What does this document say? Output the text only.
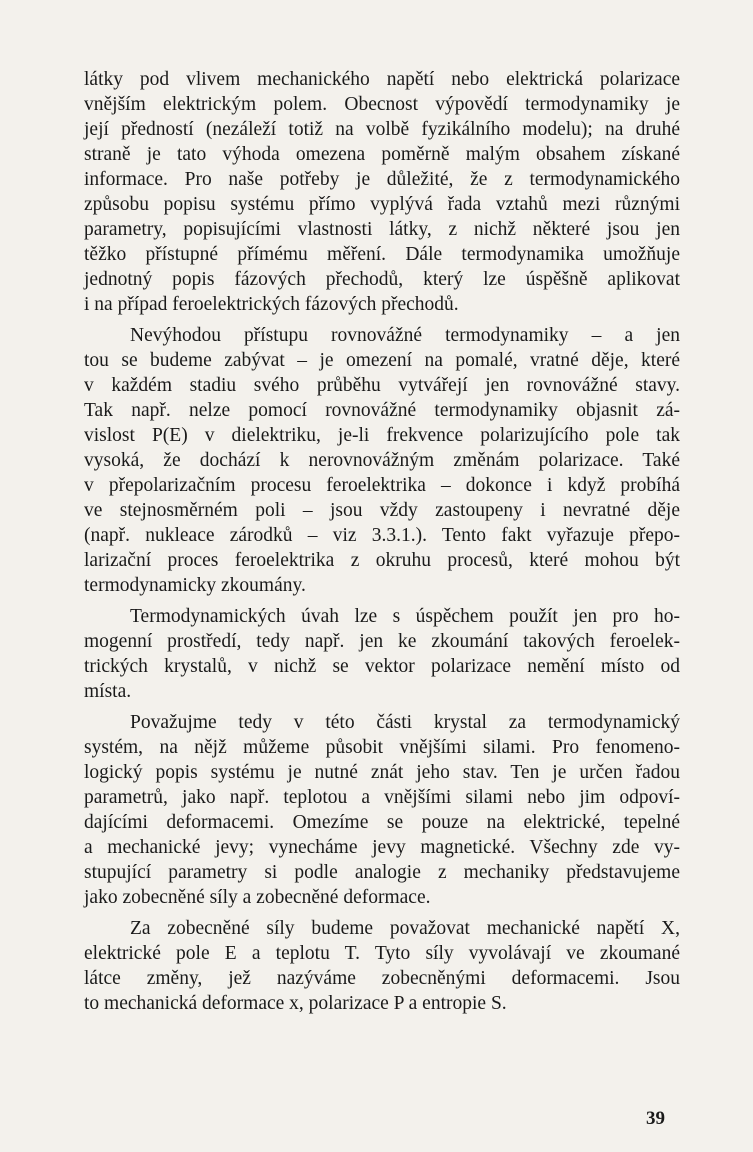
látky pod vlivem mechanického napětí nebo elektrická polarizace
vnějším elektrickým polem. Obecnost výpovědí termodynamiky je
její předností (nezáleží totiž na volbě fyzikálního modelu); na druhé
straně je tato výhoda omezena poměrně malým obsahem získané
informace. Pro naše potřeby je důležité, že z termodynamického
způsobu popisu systému přímo vyplývá řada vztahů mezi různými
parametry, popisujícími vlastnosti látky, z nichž některé jsou jen
těžko přístupné přímému měření. Dále termodynamika umožňuje
jednotný popis fázových přechodů, který lze úspěšně aplikovat
i na případ feroelektrických fázových přechodů.
Nevýhodou přístupu rovnovážné termodynamiky – a jen
tou se budeme zabývat – je omezení na pomalé, vratné děje, které
v každém stadiu svého průběhu vytvářejí jen rovnovážné stavy.
Tak např. nelze pomocí rovnovážné termodynamiky objasnit zá-
vislost P(E) v dielektriku, je-li frekvence polarizujícího pole tak
vysoká, že dochází k nerovnovážným změnám polarizace. Také
v přepolarizačním procesu feroelektrika – dokonce i když probíhá
ve stejnosměrném poli – jsou vždy zastoupeny i nevratné děje
(např. nukleace zárodků – viz 3.3.1.). Tento fakt vyřazuje přepo-
larizační proces feroelektrika z okruhu procesů, které mohou být
termodynamicky zkoumány.
Termodynamických úvah lze s úspěchem použít jen pro ho-
mogenní prostředí, tedy např. jen ke zkoumání takových feroelek-
trických krystalů, v nichž se vektor polarizace nemění místo od
místa.
Považujme tedy v této části krystal za termodynamický
systém, na nějž můžeme působit vnějšími silami. Pro fenomeno-
logický popis systému je nutné znát jeho stav. Ten je určen řadou
parametrů, jako např. teplotou a vnějšími silami nebo jim odpoví-
dajícími deformacemi. Omezíme se pouze na elektrické, tepelné
a mechanické jevy; vynecháme jevy magnetické. Všechny zde vy-
stupující parametry si podle analogie z mechaniky představujeme
jako zobecněné síly a zobecněné deformace.
Za zobecněné síly budeme považovat mechanické napětí X,
elektrické pole E a teplotu T. Tyto síly vyvolávají ve zkoumané
látce změny, jež nazýváme zobecněnými deformacemi. Jsou
to mechanická deformace x, polarizace P a entropie S.
39
